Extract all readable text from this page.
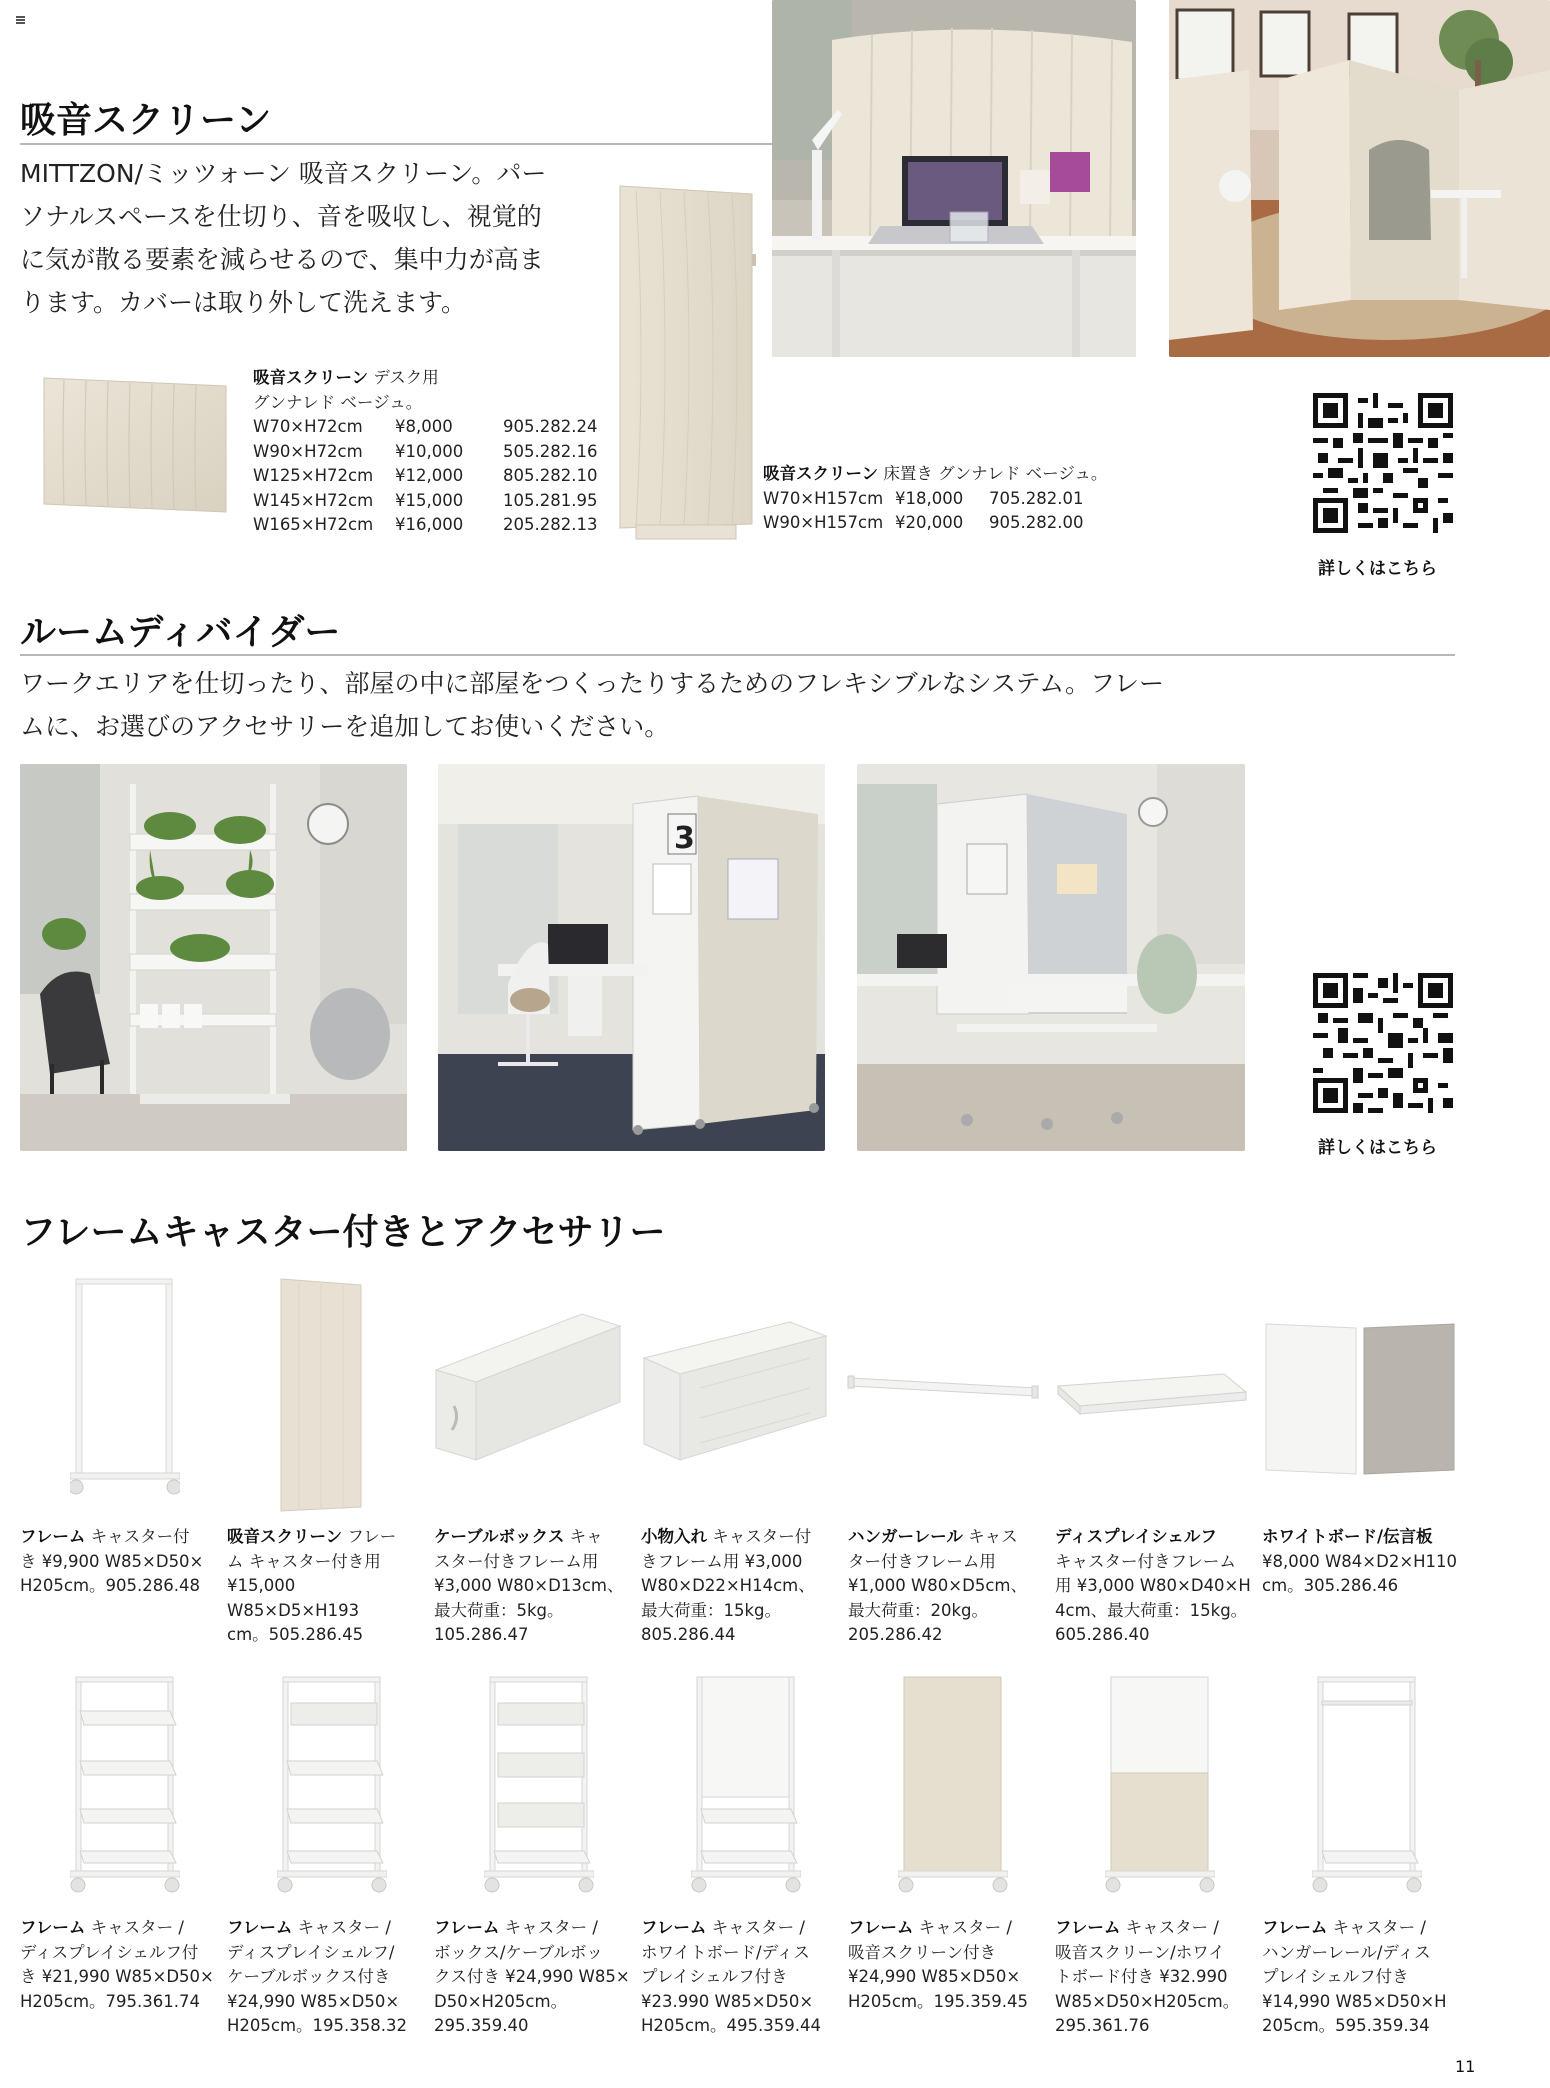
吸音スクリーン
MITTZON/ミッツォーン 吸音スクリーン。パー
ソナルスペースを仕切り、音を吸収し、視覚的
に気が散る要素を減らせるので、集中力が高ま
ります。カバーは取り外して洗えます。
吸音スクリーン デスク用
グンナレド ベージュ。
W70×H72cm	¥8,000	905.282.24
W90×H72cm	¥10,000	505.282.16
W125×H72cm	¥12,000	805.282.10
W145×H72cm	¥15,000	105.281.95
W165×H72cm	¥16,000	205.282.13
吸音スクリーン 床置き グンナレド ベージュ。
W70×H157cm ¥18,000	705.282.01
W90×H157cm ¥20,000	905.282.00
詳しくはこちら
ルームディバイダー
ワークエリアを仕切ったり、部屋の中に部屋をつくったりするためのフレキシブルなシステム。フレー
ムに、お選びのアクセサリーを追加してお使いください。
3
詳しくはこちら
フレームキャスター付きとアクセサリー
フレーム キャスター付
き ¥9,900 W85×D50×
H205cm。905.286.48
吸音スクリーン フレー
ム キャスター付き用
¥15,000 W85×D5×H193
cm。505.286.45
ケーブルボックス キャ
スター付きフレーム用
¥3,000 W80×D13cm、
最大荷重：5kg。
105.286.47
小物入れ キャスター付
きフレーム用 ¥3,000
W80×D22×H14cm、
最大荷重：15kg。
805.286.44
ハンガーレール キャス
ター付きフレーム用
¥1,000 W80×D5cm、
最大荷重：20kg。
205.286.42
ディスプレイシェルフ
キャスター付きフレーム
用 ¥3,000 W80×D40×H
4cm、最大荷重：15kg。
605.286.40
ホワイトボード/伝言板
¥8,000 W84×D2×H110
cm。305.286.46
フレーム キャスター /
ディスプレイシェルフ付
き ¥21,990 W85×D50×
H205cm。795.361.74
フレーム キャスター /
ディスプレイシェルフ/
ケーブルボックス付き
¥24,990 W85×D50×
H205cm。195.358.32
フレーム キャスター /
ボックス/ケーブルボッ
クス付き ¥24,990 W85×
D50×H205cm。
295.359.40
フレーム キャスター /
ホワイトボード/ディス
プレイシェルフ付き
¥23.990 W85×D50×
H205cm。495.359.44
フレーム キャスター /
吸音スクリーン付き
¥24,990 W85×D50×
H205cm。195.359.45
フレーム キャスター /
吸音スクリーン/ホワイ
トボード付き ¥32.990
W85×D50×H205cm。
295.361.76
フレーム キャスター /
ハンガーレール/ディス
プレイシェルフ付き
¥14,990 W85×D50×H
205cm。595.359.34
11
